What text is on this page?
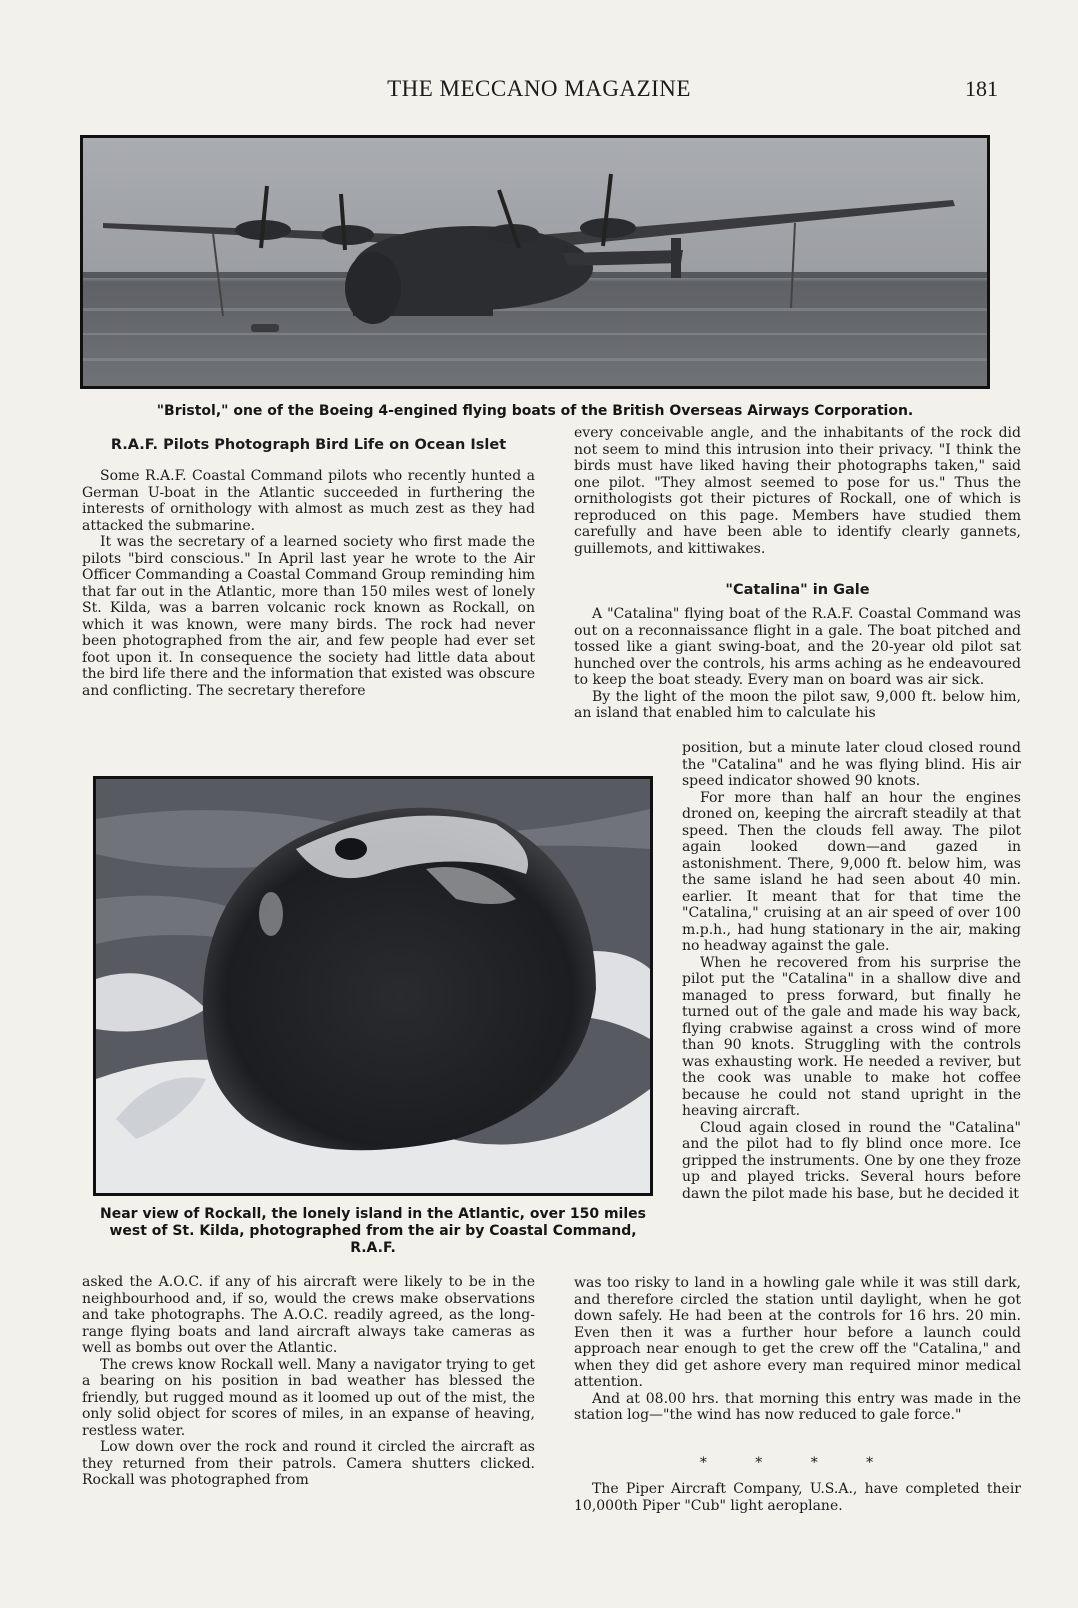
THE MECCANO MAGAZINE	181
"Bristol," one of the Boeing 4-engined flying boats of the British Overseas Airways Corporation.
R.A.F. Pilots Photograph Bird Life on Ocean Islet

Some R.A.F. Coastal Command pilots who recently hunted a German U-boat in the Atlantic succeeded in furthering the interests of ornithology with almost as much zest as they had attacked the submarine.

It was the secretary of a learned society who first made the pilots "bird conscious." In April last year he wrote to the Air Officer Commanding a Coastal Command Group reminding him that far out in the Atlantic, more than 150 miles west of lonely St. Kilda, was a barren volcanic rock known as Rockall, on which it was known, were many birds. The rock had never been photographed from the air, and few people had ever set foot upon it. In consequence the society had little data about the bird life there and the information that existed was obscure and conflicting. The secretary therefore

Near view of Rockall, the lonely island in the Atlantic, over 150 miles west of St. Kilda, photographed from the air by Coastal Command, R.A.F.

asked the A.O.C. if any of his aircraft were likely to be in the neighbourhood and, if so, would the crews make observations and take photographs. The A.O.C. readily agreed, as the long-range flying boats and land aircraft always take cameras as well as bombs out over the Atlantic.

The crews know Rockall well. Many a navigator trying to get a bearing on his position in bad weather has blessed the friendly, but rugged mound as it loomed up out of the mist, the only solid object for scores of miles, in an expanse of heaving, restless water.

Low down over the rock and round it circled the aircraft as they returned from their patrols. Camera shutters clicked. Rockall was photographed from

every conceivable angle, and the inhabitants of the rock did not seem to mind this intrusion into their privacy. "I think the birds must have liked having their photographs taken," said one pilot. "They almost seemed to pose for us." Thus the ornithologists got their pictures of Rockall, one of which is reproduced on this page. Members have studied them carefully and have been able to identify clearly gannets, guillemots, and kittiwakes.

"Catalina" in Gale

A "Catalina" flying boat of the R.A.F. Coastal Command was out on a reconnaissance flight in a gale. The boat pitched and tossed like a giant swing-boat, and the 20-year old pilot sat hunched over the controls, his arms aching as he endeavoured to keep the boat steady. Every man on board was air sick.

By the light of the moon the pilot saw, 9,000 ft. below him, an island that enabled him to calculate his

position, but a minute later cloud closed round the "Catalina" and he was flying blind. His air speed indicator showed 90 knots.

For more than half an hour the engines droned on, keeping the aircraft steadily at that speed. Then the clouds fell away. The pilot again looked down—and gazed in astonishment. There, 9,000 ft. below him, was the same island he had seen about 40 min. earlier. It meant that for that time the "Catalina," cruising at an air speed of over 100 m.p.h., had hung stationary in the air, making no headway against the gale.

When he recovered from his surprise the pilot put the "Catalina" in a shallow dive and managed to press forward, but finally he turned out of the gale and made his way back, flying crabwise against a cross wind of more than 90 knots. Struggling with the controls was exhausting work. He needed a reviver, but the cook was unable to make hot coffee because he could not stand upright in the heaving aircraft.

Cloud again closed in round the "Catalina" and the pilot had to fly blind once more. Ice gripped the instruments. One by one they froze up and played tricks. Several hours before dawn the pilot made his base, but he decided it

was too risky to land in a howling gale while it was still dark, and therefore circled the station until daylight, when he got down safely. He had been at the controls for 16 hrs. 20 min. Even then it was a further hour before a launch could approach near enough to get the crew off the "Catalina," and when they did get ashore every man required minor medical attention.

And at 08.00 hrs. that morning this entry was made in the station log—"the wind has now reduced to gale force."

* * * *

The Piper Aircraft Company, U.S.A., have completed their 10,000th Piper "Cub" light aeroplane.
